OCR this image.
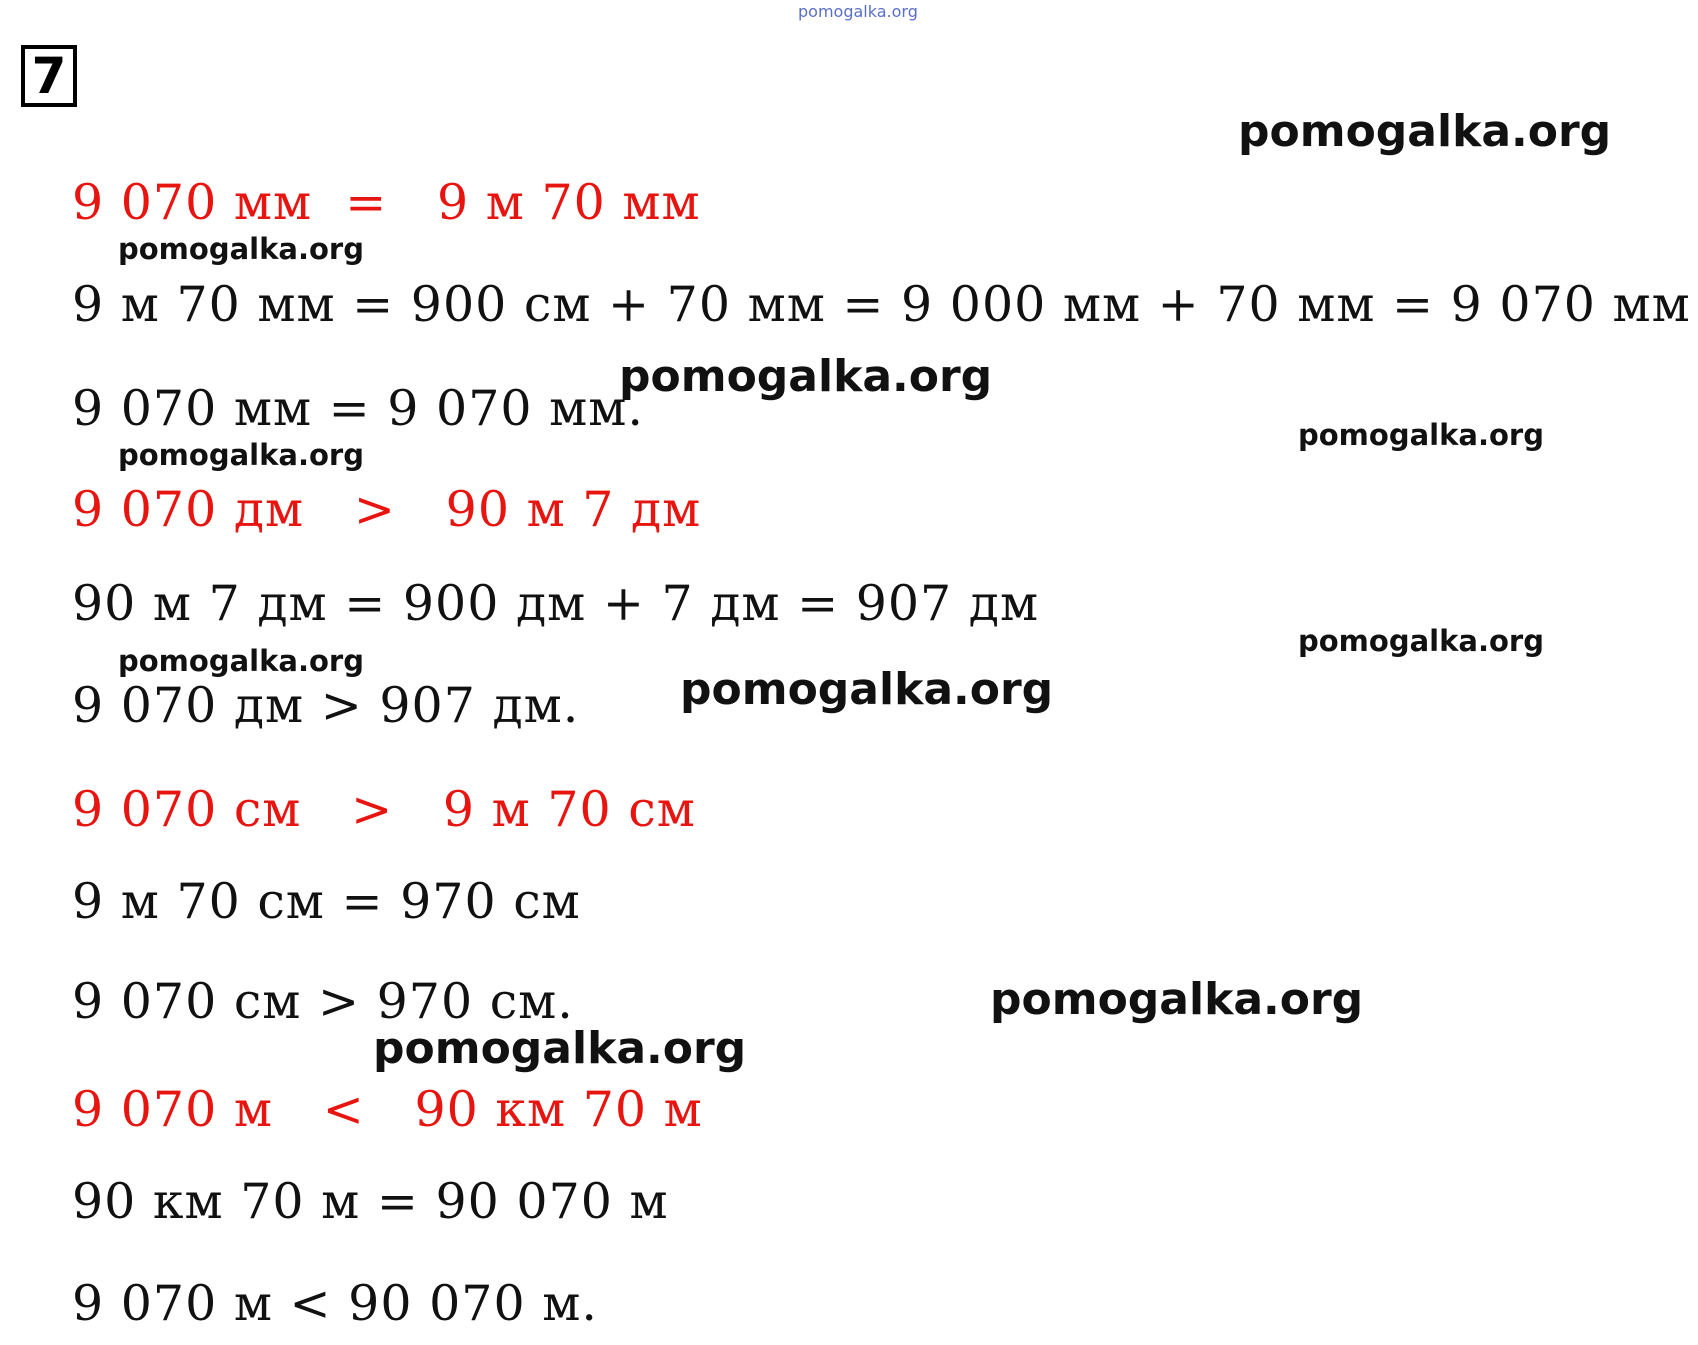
pomogalka.org
7
9 070 мм  =   9 м 70 мм
9 м 70 мм = 900 см + 70 мм = 9 000 мм + 70 мм = 9 070 мм
9 070 мм = 9 070 мм.
9 070 дм   >   90 м 7 дм
90 м 7 дм = 900 дм + 7 дм = 907 дм
9 070 дм > 907 дм.
9 070 см   >   9 м 70 см
9 м 70 см = 970 см
9 070 см > 970 см.
9 070 м   <   90 км 70 м
90 км 70 м = 90 070 м
9 070 м < 90 070 м.
pomogalka.org
pomogalka.org
pomogalka.org
pomogalka.org
pomogalka.org
pomogalka.org
pomogalka.org
pomogalka.org
pomogalka.org
pomogalka.org
